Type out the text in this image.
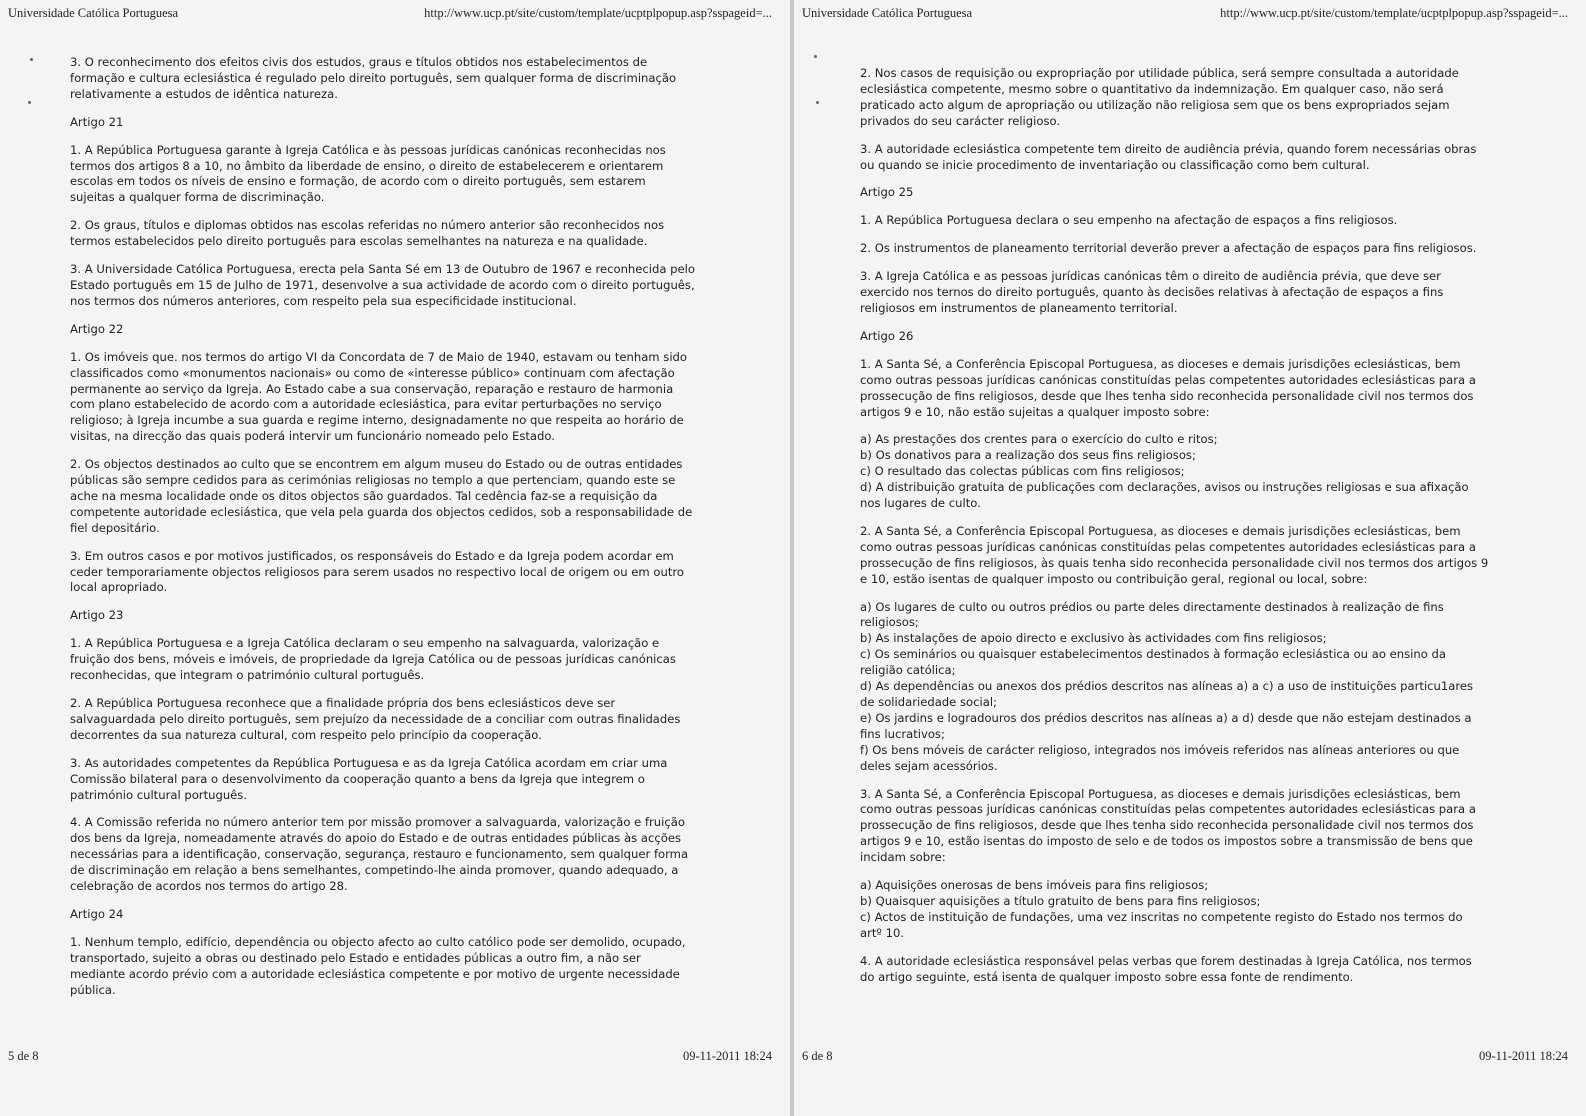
Universidade Católica Portuguesa	http://www.ucp.pt/site/custom/template/ucptplpopup.asp?sspageid=...

3. O reconhecimento dos efeitos civis dos estudos, graus e títulos obtidos nos estabelecimentos de
formação e cultura eclesiástica é regulado pelo direito português, sem qualquer forma de discriminação
relativamente a estudos de idêntica natureza.

Artigo 21

1. A República Portuguesa garante à Igreja Católica e às pessoas jurídicas canónicas reconhecidas nos
termos dos artigos 8 a 10, no âmbito da liberdade de ensino, o direito de estabelecerem e orientarem
escolas em todos os níveis de ensino e formação, de acordo com o direito português, sem estarem
sujeitas a qualquer forma de discriminação.

2. Os graus, títulos e diplomas obtidos nas escolas referidas no número anterior são reconhecidos nos
termos estabelecidos pelo direito português para escolas semelhantes na natureza e na qualidade.

3. A Universidade Católica Portuguesa, erecta pela Santa Sé em 13 de Outubro de 1967 e reconhecida pelo
Estado português em 15 de Julho de 1971, desenvolve a sua actividade de acordo com o direito português,
nos termos dos números anteriores, com respeito pela sua especificidade institucional.

Artigo 22

1. Os imóveis que. nos termos do artigo VI da Concordata de 7 de Maio de 1940, estavam ou tenham sido
classificados como «monumentos nacionais» ou como de «interesse público» continuam com afectação
permanente ao serviço da Igreja. Ao Estado cabe a sua conservação, reparação e restauro de harmonia
com plano estabelecido de acordo com a autoridade eclesiástica, para evitar perturbações no serviço
religioso; à Igreja incumbe a sua guarda e regime interno, designadamente no que respeita ao horário de
visitas, na direcção das quais poderá intervir um funcionário nomeado pelo Estado.

2. Os objectos destinados ao culto que se encontrem em algum museu do Estado ou de outras entidades
públicas são sempre cedidos para as cerimónias religiosas no templo a que pertenciam, quando este se
ache na mesma localidade onde os ditos objectos são guardados. Tal cedência faz-se a requisição da
competente autoridade eclesiástica, que vela pela guarda dos objectos cedidos, sob a responsabilidade de
fiel depositário.

3. Em outros casos e por motivos justificados, os responsáveis do Estado e da Igreja podem acordar em
ceder temporariamente objectos religiosos para serem usados no respectivo local de origem ou em outro
local apropriado.

Artigo 23

1. A República Portuguesa e a Igreja Católica declaram o seu empenho na salvaguarda, valorização e
fruição dos bens, móveis e imóveis, de propriedade da Igreja Católica ou de pessoas jurídicas canónicas
reconhecidas, que integram o património cultural português.

2. A República Portuguesa reconhece que a finalidade própria dos bens eclesiásticos deve ser
salvaguardada pelo direito português, sem prejuízo da necessidade de a conciliar com outras finalidades
decorrentes da sua natureza cultural, com respeito pelo princípio da cooperação.

3. As autoridades competentes da República Portuguesa e as da Igreja Católica acordam em criar uma
Comissão bilateral para o desenvolvimento da cooperação quanto a bens da Igreja que integrem o
património cultural português.

4. A Comissão referida no número anterior tem por missão promover a salvaguarda, valorização e fruição
dos bens da Igreja, nomeadamente através do apoio do Estado e de outras entidades públicas às acções
necessárias para a identificação, conservação, segurança, restauro e funcionamento, sem qualquer forma
de discriminação em relação a bens semelhantes, competindo-lhe ainda promover, quando adequado, a
celebração de acordos nos termos do artigo 28.

Artigo 24

1. Nenhum templo, edifício, dependência ou objecto afecto ao culto católico pode ser demolido, ocupado,
transportado, sujeito a obras ou destinado pelo Estado e entidades públicas a outro fim, a não ser
mediante acordo prévio com a autoridade eclesiástica competente e por motivo de urgente necessidade
pública.

5 de 8	09-11-2011 18:24
Universidade Católica Portuguesa	http://www.ucp.pt/site/custom/template/ucptplpopup.asp?sspageid=...

2. Nos casos de requisição ou expropriação por utilidade pública, será sempre consultada a autoridade
eclesiástica competente, mesmo sobre o quantitativo da indemnização. Em qualquer caso, não será
praticado acto algum de apropriação ou utilização não religiosa sem que os bens expropriados sejam
privados do seu carácter religioso.

3. A autoridade eclesiástica competente tem direito de audiência prévia, quando forem necessárias obras
ou quando se inicie procedimento de inventariação ou classificação como bem cultural.

Artigo 25

1. A República Portuguesa declara o seu empenho na afectação de espaços a fins religiosos.

2. Os instrumentos de planeamento territorial deverão prever a afectação de espaços para fins religiosos.

3. A Igreja Católica e as pessoas jurídicas canónicas têm o direito de audiência prévia, que deve ser
exercido nos ternos do direito português, quanto às decisões relativas à afectação de espaços a fins
religiosos em instrumentos de planeamento territorial.

Artigo 26

1. A Santa Sé, a Conferência Episcopal Portuguesa, as dioceses e demais jurisdições eclesiásticas, bem
como outras pessoas jurídicas canónicas constituídas pelas competentes autoridades eclesiásticas para a
prossecução de fins religiosos, desde que lhes tenha sido reconhecida personalidade civil nos termos dos
artigos 9 e 10, não estão sujeitas a qualquer imposto sobre:

a) As prestações dos crentes para o exercício do culto e ritos;
b) Os donativos para a realização dos seus fins religiosos;
c) O resultado das colectas públicas com fins religiosos;
d) A distribuição gratuita de publicações com declarações, avisos ou instruções religiosas e sua afixação
nos lugares de culto.

2. A Santa Sé, a Conferência Episcopal Portuguesa, as dioceses e demais jurisdições eclesiásticas, bem
como outras pessoas jurídicas canónicas constituídas pelas competentes autoridades eclesiásticas para a
prossecução de fins religiosos, às quais tenha sido reconhecida personalidade civil nos termos dos artigos 9
e 10, estão isentas de qualquer imposto ou contribuição geral, regional ou local, sobre:

a) Os lugares de culto ou outros prédios ou parte deles directamente destinados à realização de fins
religiosos;
b) As instalações de apoio directo e exclusivo às actividades com fins religiosos;
c) Os seminários ou quaisquer estabelecimentos destinados à formação eclesiástica ou ao ensino da
religião católica;
d) As dependências ou anexos dos prédios descritos nas alíneas a) a c) a uso de instituições particu1ares
de solidariedade social;
e) Os jardins e logradouros dos prédios descritos nas alíneas a) a d) desde que não estejam destinados a
fins lucrativos;
f) Os bens móveis de carácter religioso, integrados nos imóveis referidos nas alíneas anteriores ou que
deles sejam acessórios.

3. A Santa Sé, a Conferência Episcopal Portuguesa, as dioceses e demais jurisdições eclesiásticas, bem
como outras pessoas jurídicas canónicas constituídas pelas competentes autoridades eclesiásticas para a
prossecução de fins religiosos, desde que lhes tenha sido reconhecida personalidade civil nos termos dos
artigos 9 e 10, estão isentas do imposto de selo e de todos os impostos sobre a transmissão de bens que
incidam sobre:

a) Aquisições onerosas de bens imóveis para fins religiosos;
b) Quaisquer aquisições a título gratuito de bens para fins religiosos;
c) Actos de instituição de fundações, uma vez inscritas no competente registo do Estado nos termos do
artº 10.

4. A autoridade eclesiástica responsável pelas verbas que forem destinadas à Igreja Católica, nos termos
do artigo seguinte, está isenta de qualquer imposto sobre essa fonte de rendimento.

6 de 8	09-11-2011 18:24
